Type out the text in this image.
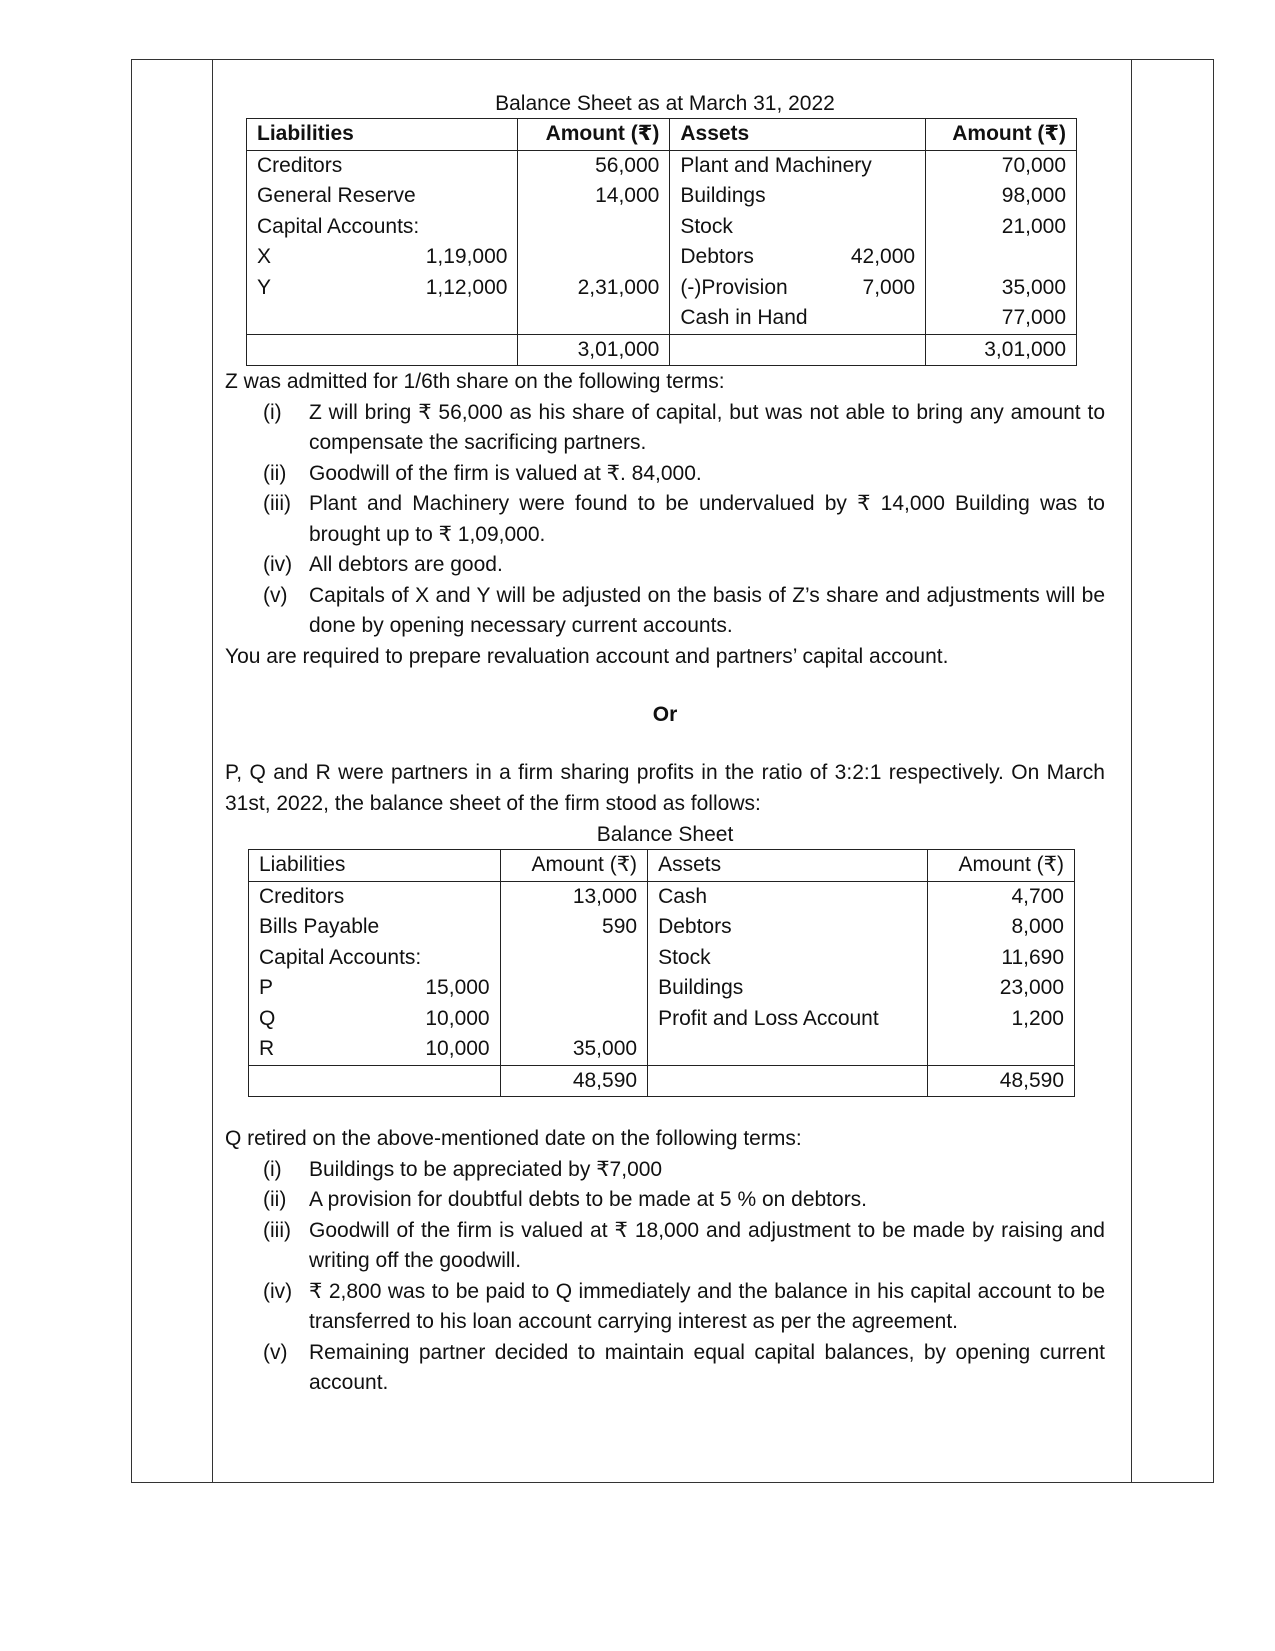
Balance Sheet as at March 31, 2022
Liabilities	Amount (₹)	Assets	Amount (₹)

Creditors	56,000	Plant and Machinery	70,000

General Reserve	14,000	Buildings	98,000

Capital Accounts:		Stock	21,000

X 1,19,000		Debtors 42,000	

Y 1,12,000	2,31,000	(-)Provision 7,000	35,000

		Cash in Hand	77,000
	3,01,000		3,01,000

Z was admitted for 1/6th share on the following terms:

(i) Z will bring ₹ 56,000 as his share of capital, but was not able to bring any amount to compensate the sacrificing partners.
(ii) Goodwill of the firm is valued at ₹. 84,000.
(iii) Plant and Machinery were found to be undervalued by ₹ 14,000 Building was to brought up to ₹ 1,09,000.
(iv) All debtors are good.
(v) Capitals of X and Y will be adjusted on the basis of Z’s share and adjustments will be done by opening necessary current accounts.

You are required to prepare revaluation account and partners’ capital account.

Or

P, Q and R were partners in a firm sharing profits in the ratio of 3:2:1 respectively. On March 31st, 2022, the balance sheet of the firm stood as follows:

Balance Sheet
Liabilities	Amount (₹)	Assets	Amount (₹)

Creditors	13,000	Cash	4,700

Bills Payable	590	Debtors	8,000

Capital Accounts:		Stock	11,690

P 15,000		Buildings	23,000

Q 10,000		Profit and Loss Account	1,200

R 10,000	35,000		
	48,590		48,590

Q retired on the above-mentioned date on the following terms:

(i) Buildings to be appreciated by ₹7,000
(ii) A provision for doubtful debts to be made at 5 % on debtors.
(iii) Goodwill of the firm is valued at ₹ 18,000 and adjustment to be made by raising and writing off the goodwill.
(iv) ₹ 2,800 was to be paid to Q immediately and the balance in his capital account to be transferred to his loan account carrying interest as per the agreement.
(v) Remaining partner decided to maintain equal capital balances, by opening current account.
